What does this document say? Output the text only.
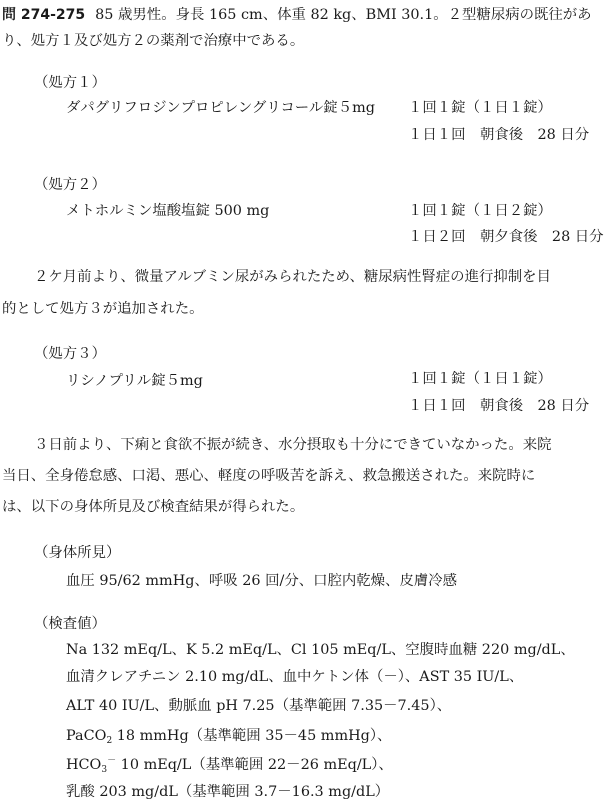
問 274-275 85 歳男性。身長 165 cm、体重 82 kg、BMI 30.1。２型糖尿病の既往があ
り、処方１及び処方２の薬剤で治療中である。
（処方１）
ダパグリフロジンプロピレングリコール錠５mg １回１錠（１日１錠）
１日１回　朝食後　28 日分
（処方２）
メトホルミン塩酸塩錠 500 mg	１回１錠（１日２錠）
１日２回　朝夕食後　28 日分
２ケ月前より、微量アルブミン尿がみられたため、糖尿病性腎症の進行抑制を目
的として処方３が追加された。
（処方３）
リシノプリル錠５mg	１回１錠（１日１錠）
１日１回　朝食後　28 日分
３日前より、下痢と食欲不振が続き、水分摂取も十分にできていなかった。来院
当日、全身倦怠感、口渇、悪心、軽度の呼吸苦を訴え、救急搬送された。来院時に
は、以下の身体所見及び検査結果が得られた。
（身体所見）
血圧 95/62 mmHg、呼吸 26 回/分、口腔内乾燥、皮膚冷感
（検査値）
Na 132 mEq/L、K 5.2 mEq/L、Cl 105 mEq/L、空腹時血糖 220 mg/dL、
血清クレアチニン 2.10 mg/dL、血中ケトン体（－）、AST 35 IU/L、
ALT 40 IU/L、動脈血 pH 7.25（基準範囲 7.35－7.45）、
PaCO$_2$ 18 mmHg（基準範囲 35－45 mmHg）、
$HCO_3^-$ 10 mEq/L（基準範囲 22－26 mEq/L）、
乳酸 203 mg/dL（基準範囲 3.7－16.3 mg/dL）
